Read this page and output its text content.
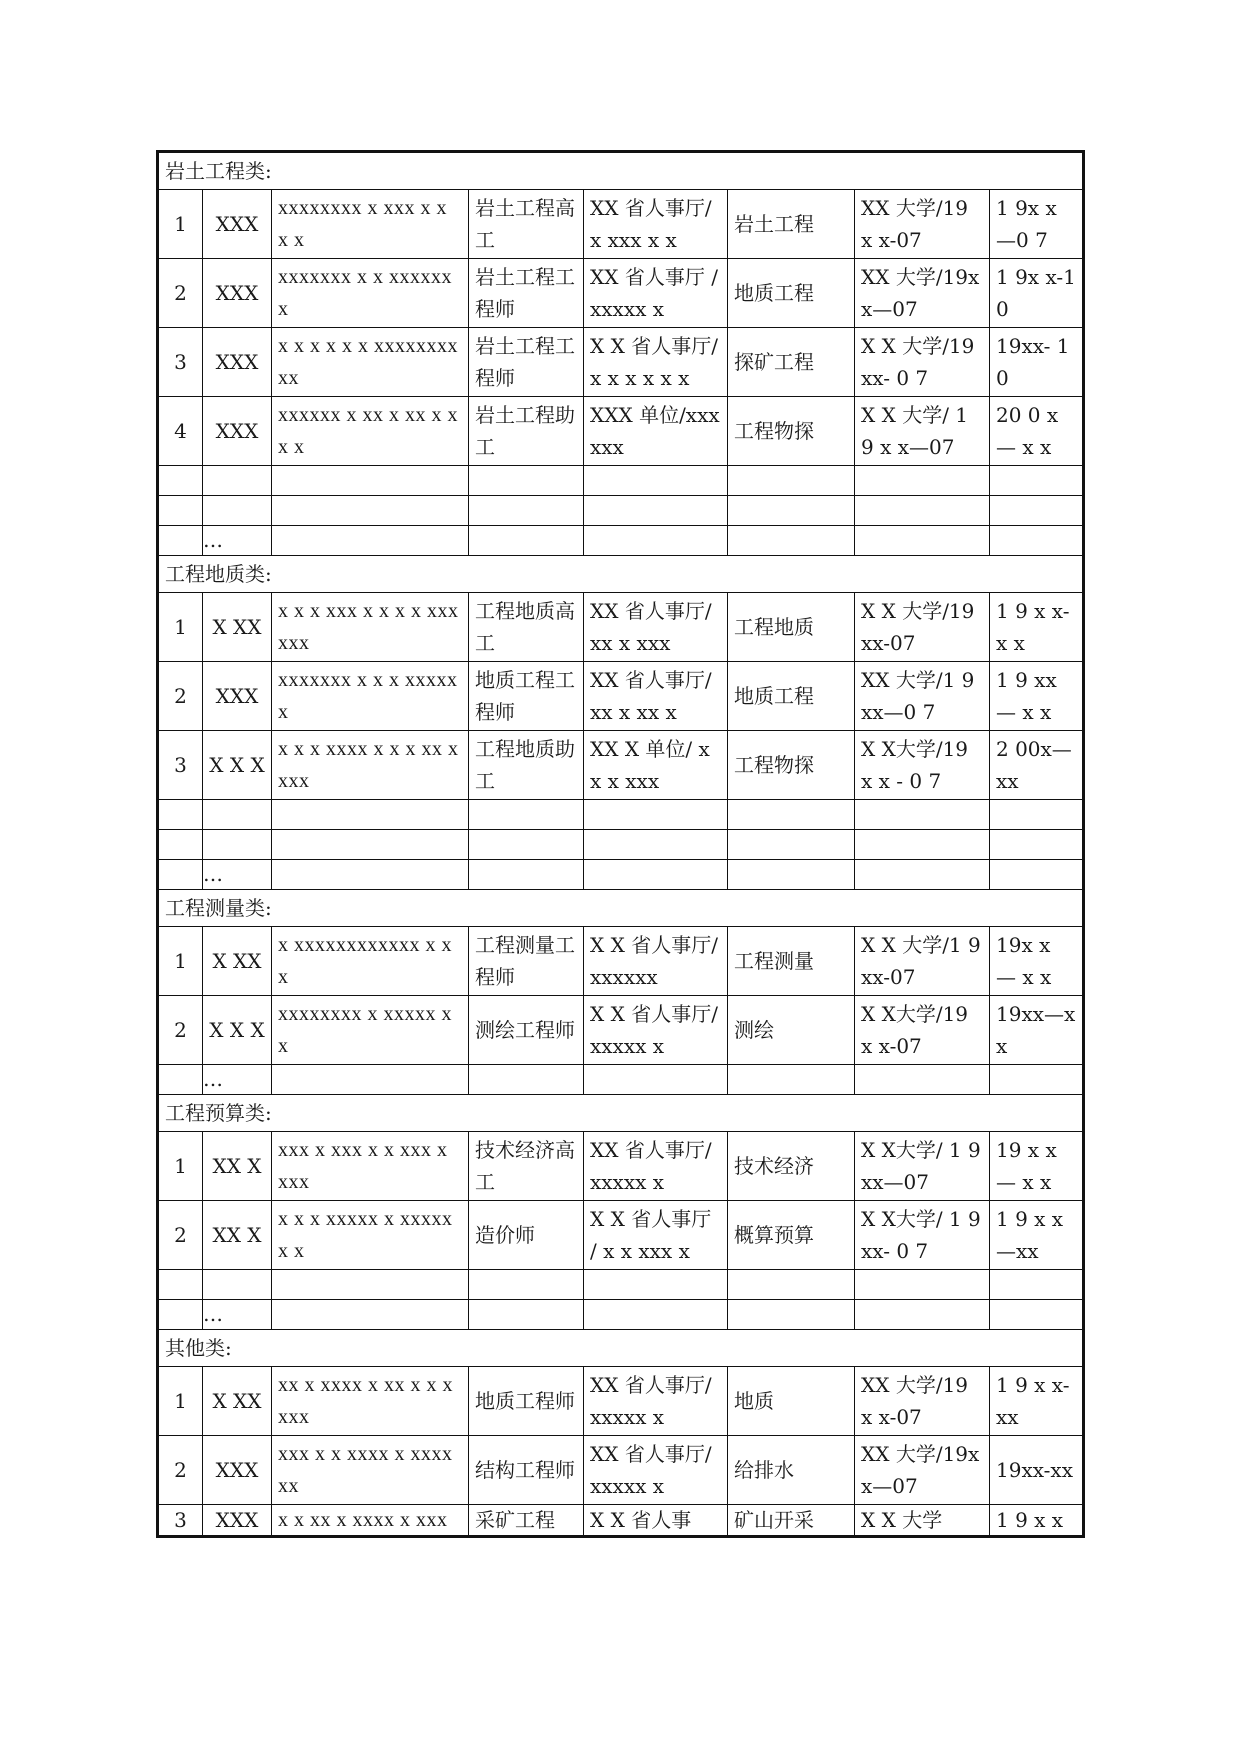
岩土工程类:							
1	XXX	xxxxxxxx x xxx x x x x	岩土工程高工	XX 省人事厅/ x xxx x x	岩土工程	XX 大学/19 x x-07	1 9x x—0 7
2	XXX	xxxxxxx x x xxxxxx x	岩土工程工程师	XX 省人事厅 / xxxxx x	地质工程	XX 大学/19xx—07	1 9x x-10
3	XXX	x x x x x x xxxxxxxxxx	岩土工程工程师	X X 省人事厅/ x x x x x x	探矿工程	X X 大学/19xx- 0 7	19xx- 1 0
4	XXX	xxxxxx x xx x xx x xx x	岩土工程助工	XXX 单位/xxxxxx	工程物探	X X 大学/ 1 9 x x—07	20 0 x— x x

	…						
工程地质类:							
1	X XX	x x x xxx x x x x xxxxxx	工程地质高工	XX 省人事厅/xx x xxx	工程地质	X X 大学/19xx-07	1 9 x x- x x
2	XXX	xxxxxxx x x x xxxxxx	地质工程工程师	XX 省人事厅/xx x xx x	地质工程	XX 大学/1 9 xx—0 7	1 9 xx— x x
3	X X X	x x x xxxx x x x xx x xxx	工程地质助工	XX X 单位/ x x x xxx	工程物探	X X大学/19 x x - 0 7	2 00x—xx

	…						
工程测量类:							
1	X XX	x xxxxxxxxxxxx x xx	工程测量工程师	X X 省人事厅/xxxxxx	工程测量	X X 大学/1 9 xx-07	19x x — x x
2	X X X	xxxxxxxx x xxxxx x x	测绘工程师	X X 省人事厅/xxxxx x	测绘	X X大学/19 x x-07	19xx—xx
	…						
工程预算类:							
1	XX X	xxx x xxx x x xxx x xxx	技术经济高工	XX 省人事厅/xxxxx x	技术经济	X X大学/ 1 9xx—07	19 x x— x x
2	XX X	x x x xxxxx x xxxxx x x	造价师	X X 省人事厅 / x x xxx x	概算预算	X X大学/ 1 9xx- 0 7	1 9 x x—xx

	…						
其他类:							
1	X XX	xx x xxxx x xx x x xxxx	地质工程师	XX 省人事厅/xxxxx x	地质	XX 大学/19 x x-07	1 9 x x-xx
2	XXX	xxx x x xxxx x xxxxxx	结构工程师	XX 省人事厅/xxxxx x	给排水	XX 大学/19xx—07	19xx-xx
3	XXX	x x xx x xxxx x xxx	采矿工程	X X 省人事	矿山开采	X X 大学	1 9 x x
